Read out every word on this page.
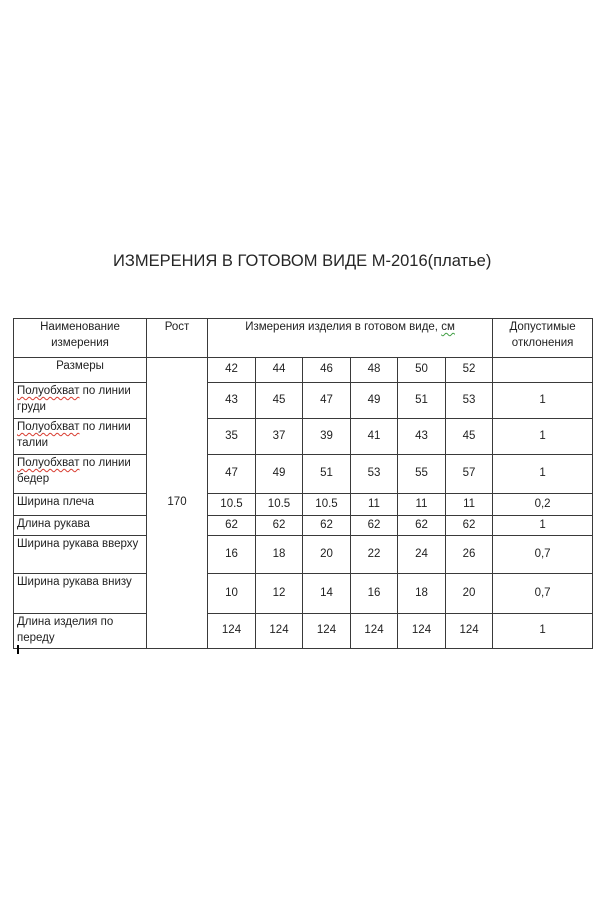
ИЗМЕРЕНИЯ В ГОТОВОМ ВИДЕ М-2016(платье)
Наименование измерения	Рост	Измерения изделия в готовом виде, см						Допустимые отклонения
Размеры	170	42	44	46	48	50	52	
Полуобхват по линии груди		43	45	47	49	51	53	1
Полуобхват по линии талии		35	37	39	41	43	45	1
Полуобхват по линии бедер		47	49	51	53	55	57	1
Ширина плеча		10.5	10.5	10.5	11	11	11	0,2
Длина рукава		62	62	62	62	62	62	1
Ширина рукава вверху		16	18	20	22	24	26	0,7
Ширина рукава внизу		10	12	14	16	18	20	0,7
Длина изделия по переду		124	124	124	124	124	124	1
